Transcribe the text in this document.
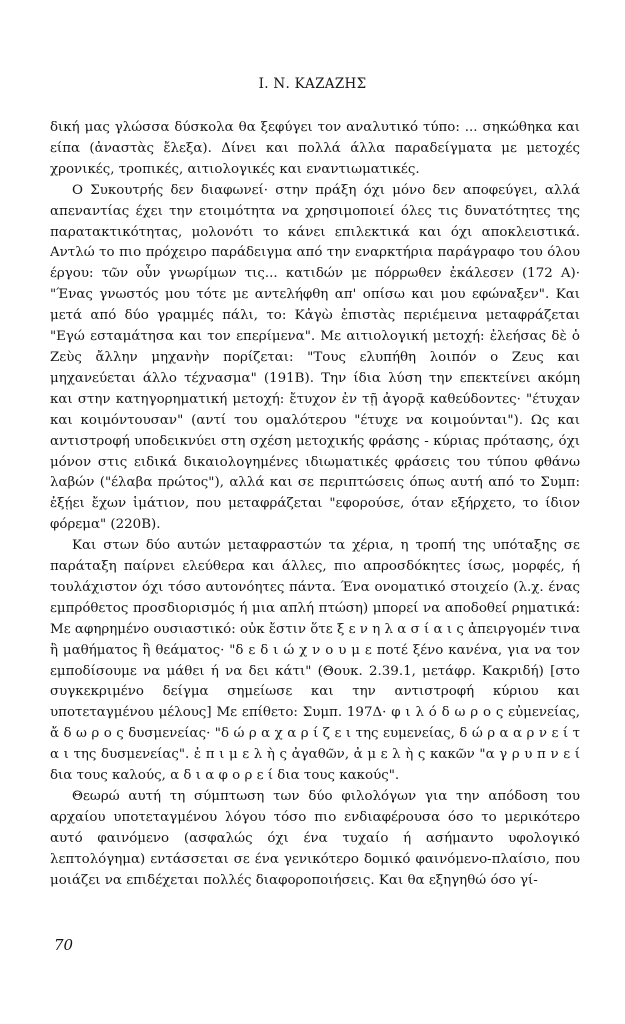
Ι. Ν. ΚΑΖΑΖΗΣ

δική μας γλώσσα δύσκολα θα ξεφύγει τον αναλυτικό τύπο: ... σηκώθηκα και είπα (ἀναστὰς ἔλεξα). Δίνει και πολλά άλλα παραδείγματα με μετοχές χρονικές, τροπικές, αιτιολογικές και εναντιωματικές.

Ο Συκουτρής δεν διαφωνεί· στην πράξη όχι μόνο δεν αποφεύγει, αλλά απεναντίας έχει την ετοιμότητα να χρησιμοποιεί όλες τις δυνατότητες της παρατακτικότητας, μολονότι το κάνει επιλεκτικά και όχι αποκλειστικά. Αντλώ το πιο πρόχειρο παράδειγμα από την εναρκτήρια παράγραφο του όλου έργου: τῶν οὖν γνωρίμων τις... κατιδών με πόρρωθεν ἐκάλεσεν (172 Α)· "Ένας γνωστός μου τότε με αντελήφθη απ' οπίσω και μου εφώναξεν". Και μετά από δύο γραμμές πάλι, το: Κἀγὼ ἐπιστὰς περιέμεινα μεταφράζεται "Εγώ εσταμάτησα και τον επερίμενα". Με αιτιολογική μετοχή: ἐλεήσας δὲ ὁ Ζεὺς ἄλλην μηχανὴν πορίζεται: "Τους ελυπήθη λοιπόν ο Ζευς και μηχανεύεται άλλο τέχνασμα" (191Β). Την ίδια λύση την επεκτείνει ακόμη και στην κατηγορηματική μετοχή: ἔτυχον ἐν τῇ ἀγορᾷ καθεύδοντες· "έτυχαν και κοιμόντουσαν" (αντί του ομαλότερου "έτυχε να κοιμούνται"). Ως και αντιστροφή υποδεικνύει στη σχέση μετοχικής φράσης - κύριας πρότασης, όχι μόνον στις ειδικά δικαιολογημένες ιδιωματικές φράσεις του τύπου φθάνω λαβών ("έλαβα πρώτος"), αλλά και σε περιπτώσεις όπως αυτή από το Συμπ: ἐξῄει ἔχων ἱμάτιον, που μεταφράζεται "εφορούσε, όταν εξήρχετο, το ίδιον φόρεμα" (220Β).

Και στων δύο αυτών μεταφραστών τα χέρια, η τροπή της υπόταξης σε παράταξη παίρνει ελεύθερα και άλλες, πιο απροσδόκητες ίσως, μορφές, ή τουλάχιστον όχι τόσο αυτονόητες πάντα. Ένα ονοματικό στοιχείο (λ.χ. ένας εμπρόθετος προσδιορισμός ή μια απλή πτώση) μπορεί να αποδοθεί ρηματικά: Με αφηρημένο ουσιαστικό: οὐκ ἔστιν ὅτε ξ ε ν η λ α σ ί α ι ς ἀπειργομέν τινα ἢ μαθήματος ἢ θεάματος· "δ ε δ ι ώ χ ν ο υ μ ε ποτέ ξένο κανένα, για να τον εμποδίσουμε να μάθει ή να δει κάτι" (Θουκ. 2.39.1, μετάφρ. Κακριδή) [στο συγκεκριμένο δείγμα σημείωσε και την αντιστροφή κύριου και υποτεταγμένου μέλους] Με επίθετο: Συμπ. 197Δ· φ ι λ ό δ ω ρ ο ς εὐμενείας, ἄ δ ω ρ ο ς δυσμενείας· "δ ώ ρ α χ α ρ ί ζ ε ι της ευμενείας, δ ώ ρ α α ρ ν ε ί τ α ι της δυσμενείας". ἐ π ι μ ε λ ὴ ς ἀγαθῶν, ἀ μ ε λ ὴ ς κακῶν "α γ ρ υ π ν ε ί δια τους καλούς, α δ ι α φ ο ρ ε ί δια τους κακούς".

Θεωρώ αυτή τη σύμπτωση των δύο φιλολόγων για την απόδοση του αρχαίου υποτεταγμένου λόγου τόσο πιο ενδιαφέρουσα όσο το μερικότερο αυτό φαινόμενο (ασφαλώς όχι ένα τυχαίο ή ασήμαντο υφολογικό λεπτολόγημα) εντάσσεται σε ένα γενικότερο δομικό φαινόμενο-πλαίσιο, που μοιάζει να επιδέχεται πολλές διαφοροποιήσεις. Και θα εξηγηθώ όσο γί-

70
